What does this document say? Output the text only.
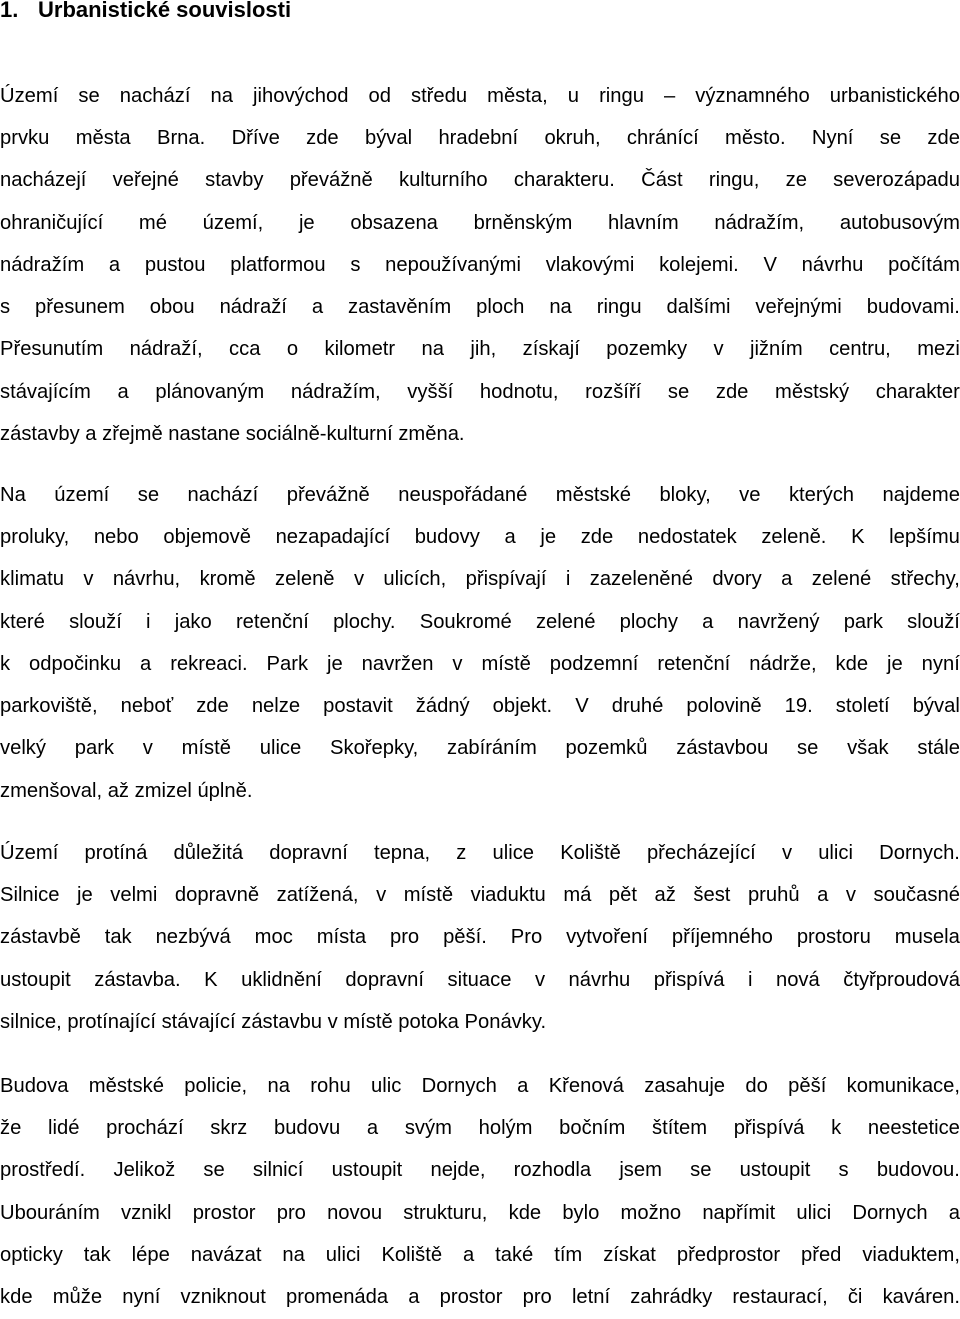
1. Urbanistické souvislosti
Území se nachází na jihovýchod od středu města, u ringu – významného urbanistického
prvku města Brna. Dříve zde býval hradební okruh, chránící město. Nyní se zde
nacházejí veřejné stavby převážně kulturního charakteru. Část ringu, ze severozápadu
ohraničující mé území, je obsazena brněnským hlavním nádražím, autobusovým
nádražím a pustou platformou s nepoužívanými vlakovými kolejemi. V návrhu počítám
s přesunem obou nádraží a zastavěním ploch na ringu dalšími veřejnými budovami.
Přesunutím nádraží, cca o kilometr na jih, získají pozemky v jižním centru, mezi
stávajícím a plánovaným nádražím, vyšší hodnotu, rozšíří se zde městský charakter
zástavby a zřejmě nastane sociálně-kulturní změna.
Na území se nachází převážně neuspořádané městské bloky, ve kterých najdeme
proluky, nebo objemově nezapadající budovy a je zde nedostatek zeleně. K lepšímu
klimatu v návrhu, kromě zeleně v ulicích, přispívají i zazeleněné dvory a zelené střechy,
které slouží i jako retenční plochy. Soukromé zelené plochy a navržený park slouží
k odpočinku a rekreaci. Park je navržen v místě podzemní retenční nádrže, kde je nyní
parkoviště, neboť zde nelze postavit žádný objekt. V druhé polovině 19. století býval
velký park v místě ulice Skořepky, zabíráním pozemků zástavbou se však stále
zmenšoval, až zmizel úplně.
Území protíná důležitá dopravní tepna, z ulice Koliště přecházející v ulici Dornych.
Silnice je velmi dopravně zatížená, v místě viaduktu má pět až šest pruhů a v současné
zástavbě tak nezbývá moc místa pro pěší. Pro vytvoření příjemného prostoru musela
ustoupit zástavba. K uklidnění dopravní situace v návrhu přispívá i nová čtyřproudová
silnice, protínající stávající zástavbu v místě potoka Ponávky.
Budova městské policie, na rohu ulic Dornych a Křenová zasahuje do pěší komunikace,
že lidé prochází skrz budovu a svým holým bočním štítem přispívá k neestetice
prostředí. Jelikož se silnicí ustoupit nejde, rozhodla jsem se ustoupit s budovou.
Ubouráním vznikl prostor pro novou strukturu, kde bylo možno napřímit ulici Dornych a
opticky tak lépe navázat na ulici Koliště a také tím získat předprostor před viaduktem,
kde může nyní vzniknout promenáda a prostor pro letní zahrádky restaurací, či kaváren.
